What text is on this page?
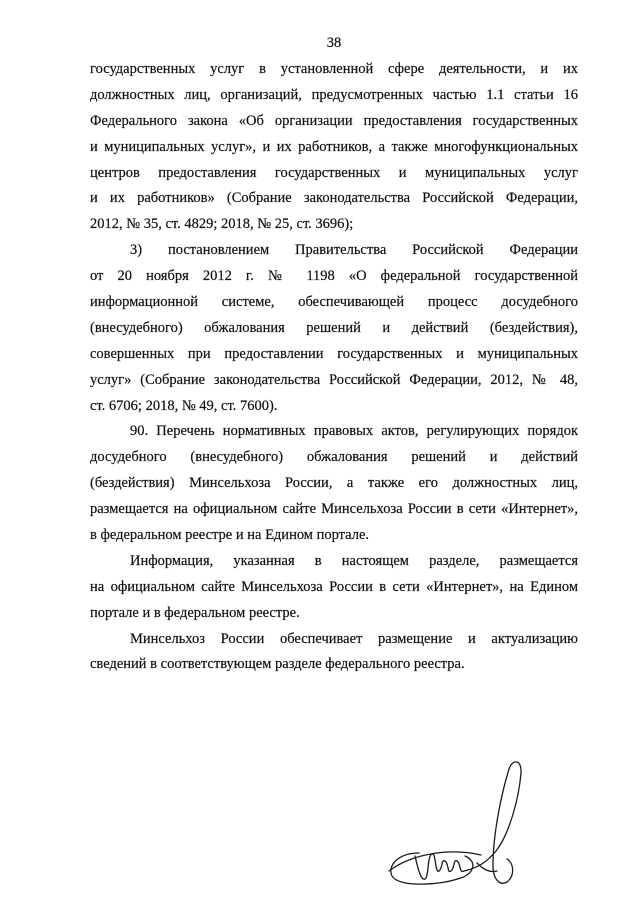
38
государственных услуг в установленной сфере деятельности, и их
должностных лиц, организаций, предусмотренных частью 1.1 статьи 16
Федерального закона «Об организации предоставления государственных
и муниципальных услуг», и их работников, а также многофункциональных
центров предоставления государственных и муниципальных услуг
и их работников» (Собрание законодательства Российской Федерации,
2012, № 35, ст. 4829; 2018, № 25, ст. 3696);
3) постановлением Правительства Российской Федерации
от 20 ноября 2012 г. № 1198 «О федеральной государственной
информационной системе, обеспечивающей процесс досудебного
(внесудебного) обжалования решений и действий (бездействия),
совершенных при предоставлении государственных и муниципальных
услуг» (Собрание законодательства Российской Федерации, 2012, № 48,
ст. 6706; 2018, № 49, ст. 7600).
90. Перечень нормативных правовых актов, регулирующих порядок
досудебного (внесудебного) обжалования решений и действий
(бездействия) Минсельхоза России, а также его должностных лиц,
размещается на официальном сайте Минсельхоза России в сети «Интернет»,
в федеральном реестре и на Едином портале.
Информация, указанная в настоящем разделе, размещается
на официальном сайте Минсельхоза России в сети «Интернет», на Едином
портале и в федеральном реестре.
Минсельхоз России обеспечивает размещение и актуализацию
сведений в соответствующем разделе федерального реестра.
